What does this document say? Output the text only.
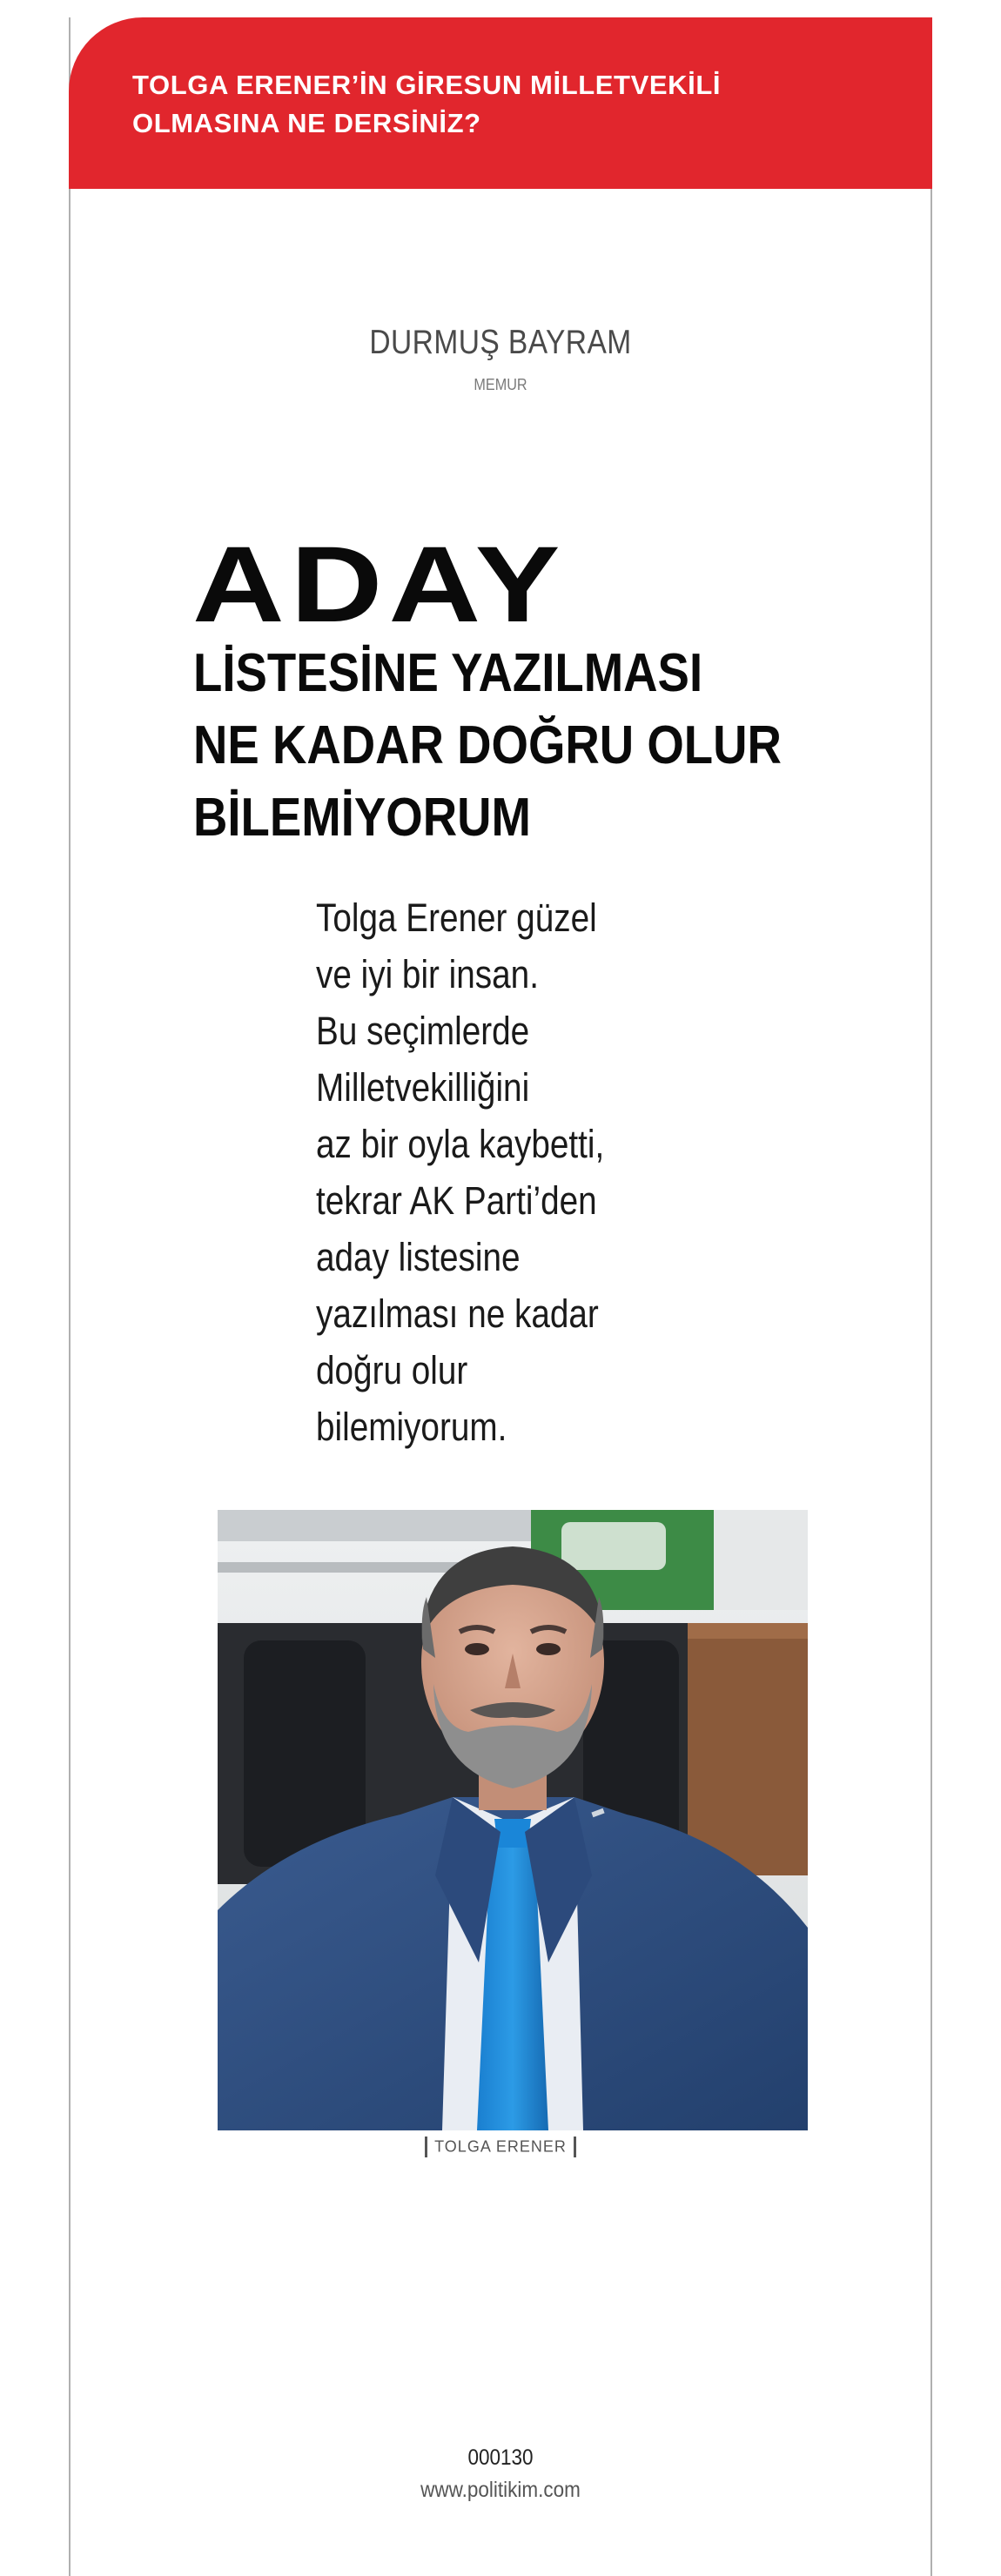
TOLGA ERENER’İN GİRESUN MİLLETVEKİLİ
OLMASINA NE DERSİNİZ?
DURMUŞ BAYRAM
MEMUR
ADAY
LİSTESİNE YAZILMASI
NE KADAR DOĞRU OLUR
BİLEMİYORUM
Tolga Erener güzel
ve iyi bir insan.
Bu seçimlerde
Milletvekilliğini
az bir oyla kaybetti,
tekrar AK Parti’den
aday listesine
yazılması ne kadar
doğru olur
bilemiyorum.
TOLGA ERENER
000130
www.politikim.com
